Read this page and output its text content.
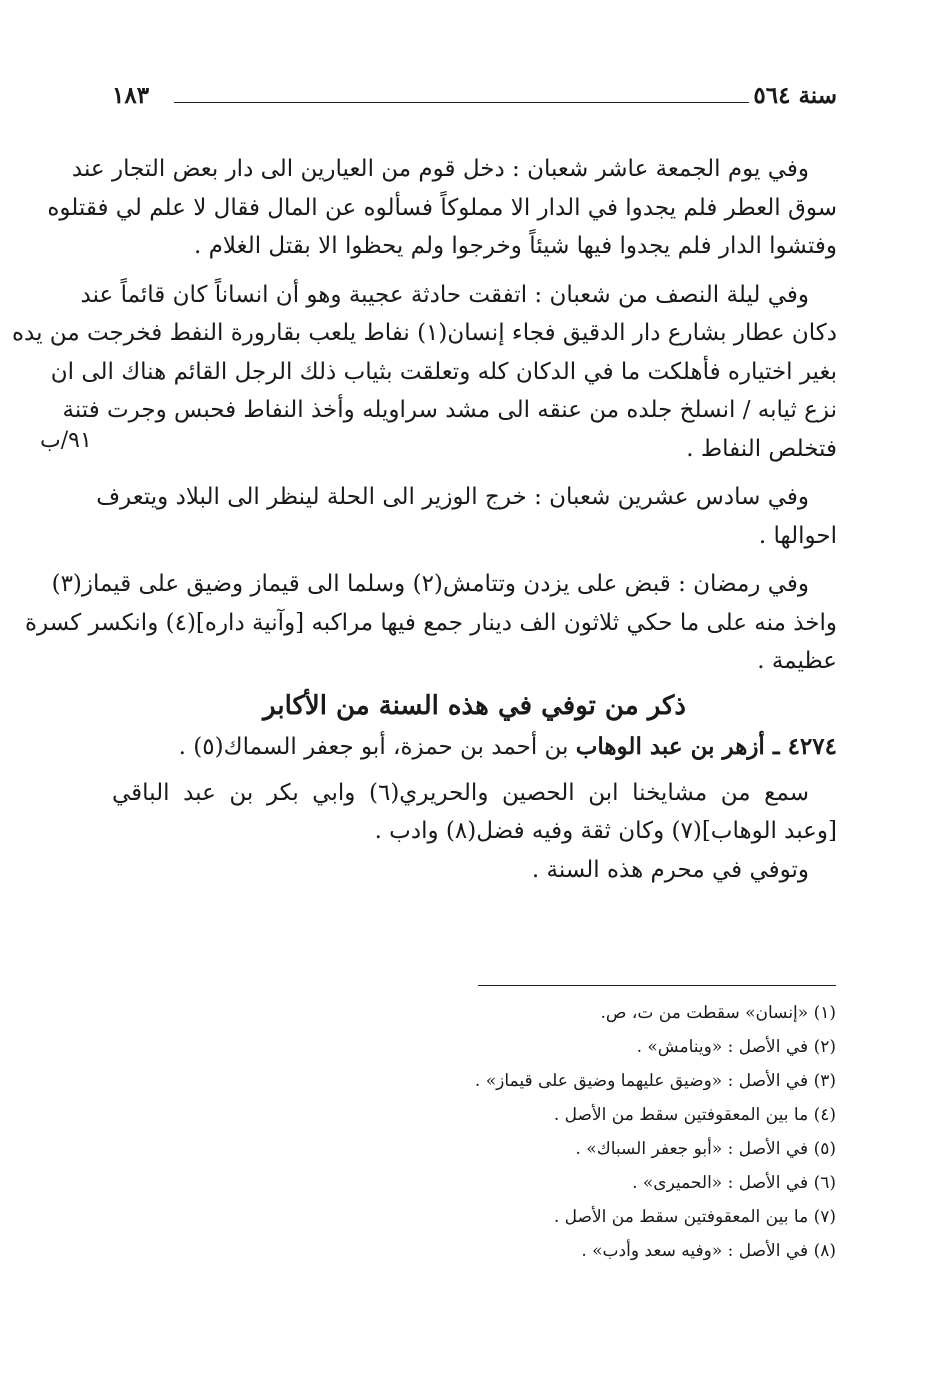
سنة ٥٦٤
١٨٣
وفي يوم الجمعة عاشر شعبان : دخل قوم من العيارين الى دار بعض التجار عند
سوق العطر فلم يجدوا في الدار الا مملوكاً فسألوه عن المال فقال لا علم لي فقتلوه
وفتشوا الدار فلم يجدوا فيها شيئاً وخرجوا ولم يحظوا الا بقتل الغلام .
وفي ليلة النصف من شعبان : اتفقت حادثة عجيبة وهو أن انساناً كان قائماً عند
دكان عطار بشارع دار الدقيق فجاء إنسان(١) نفاط يلعب بقارورة النفط فخرجت من يده
بغير اختياره فأهلكت ما في الدكان كله وتعلقت بثياب ذلك الرجل القائم هناك الى ان
نزع ثيابه / انسلخ جلده من عنقه الى مشد سراويله وأخذ النفاط فحبس وجرت فتنة
فتخلص النفاط .
وفي سادس عشرين شعبان : خرج الوزير الى الحلة لينظر الى البلاد ويتعرف
احوالها .
وفي رمضان : قبض على يزدن وتتامش(٢) وسلما الى قيماز وضيق على قيماز(٣)
واخذ منه على ما حكي ثلاثون الف دينار جمع فيها مراكبه [وآنية داره](٤) وانكسر كسرة
عظيمة .
ذكر من توفي في هذه السنة من الأكابر
٤٢٧٤ ـ أزهر بن عبد الوهاب بن أحمد بن حمزة، أبو جعفر السماك(٥) .
سمع من مشايخنا ابن الحصين والحريري(٦) وابي بكر بن عبد الباقي
[وعبد الوهاب](٧) وكان ثقة وفيه فضل(٨) وادب .
وتوفي في محرم هذه السنة .
٩١/ب
(١) «إنسان» سقطت من ت، ص.
(٢) في الأصل : «وينامش» .
(٣) في الأصل : «وضيق عليهما وضيق على قيماز» .
(٤) ما بين المعقوفتين سقط من الأصل .
(٥) في الأصل : «أبو جعفر السباك» .
(٦) في الأصل : «الحميرى» .
(٧) ما بين المعقوفتين سقط من الأصل .
(٨) في الأصل : «وفيه سعد وأدب» .
